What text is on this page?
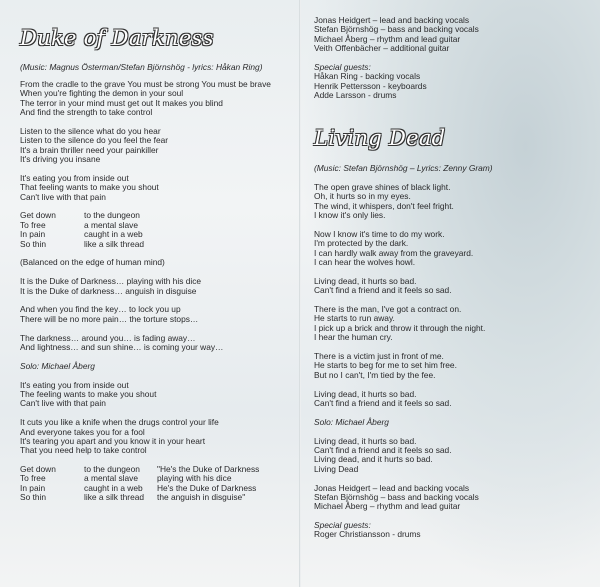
Duke of Darkness
(Music: Magnus Österman/Stefan Björnshög - lyrics: Håkan Ring)
From the cradle to the grave You must be strong You must be brave
When you're fighting the demon in your soul
The terror in your mind must get out It makes you blind
And find the strength to take control
Listen to the silence what do you hear
Listen to the silence do you feel the fear
It's a brain thriller need your painkiller
It's driving you insane
It's eating you from inside out
That feeling wants to make you shout
Can't live with that pain
Get down	to the dungeon
To free	a mental slave
In pain	caught in a web
So thin	like a silk thread
(Balanced on the edge of human mind)
It is the Duke of Darkness… playing with his dice
It is the Duke of darkness… anguish in disguise
And when you find the key… to lock you up
There will be no more pain… the torture stops…
The darkness… around you… is fading away…
And lightness… and sun shine… is coming your way…
Solo: Michael Åberg
It's eating you from inside out
The feeling wants to make you shout
Can't live with that pain
It cuts you like a knife when the drugs control your life
And everyone takes you for a fool
It's tearing you apart and you know it in your heart
That you need help to take control
Get down	to the dungeon	"He's the Duke of Darkness
To free	a mental slave	playing with his dice
In pain	caught in a web	He's the Duke of Darkness
So thin	like a silk thread	the anguish in disguise"
Jonas Heidgert – lead and backing vocals
Stefan Björnshög – bass and backing vocals
Michael Åberg – rhythm and lead guitar
Veith Offenbächer – additional guitar
Special guests:
Håkan Ring - backing vocals
Henrik Pettersson - keyboards
Adde Larsson - drums
Living Dead
(Music: Stefan Björnshög – Lyrics: Zenny Gram)
The open grave shines of black light.
Oh, it hurts so in my eyes.
The wind, it whispers, don't feel fright.
I know it's only lies.
Now I know it's time to do my work.
I'm protected by the dark.
I can hardly walk away from the graveyard.
I can hear the wolves howl.
Living dead, it hurts so bad.
Can't find a friend and it feels so sad.
There is the man, I've got a contract on.
He starts to run away.
I pick up a brick and throw it through the night.
I hear the human cry.
There is a victim just in front of me.
He starts to beg for me to set him free.
But no I can't, I'm tied by the fee.
Living dead, it hurts so bad.
Can't find a friend and it feels so sad.
Solo: Michael Åberg
Living dead, it hurts so bad.
Can't find a friend and it feels so sad.
Living dead, and it hurts so bad.
Living Dead
Jonas Heidgert – lead and backing vocals
Stefan Björnshög – bass and backing vocals
Michael Åberg – rhythm and lead guitar
Special guests:
Roger Christiansson - drums
